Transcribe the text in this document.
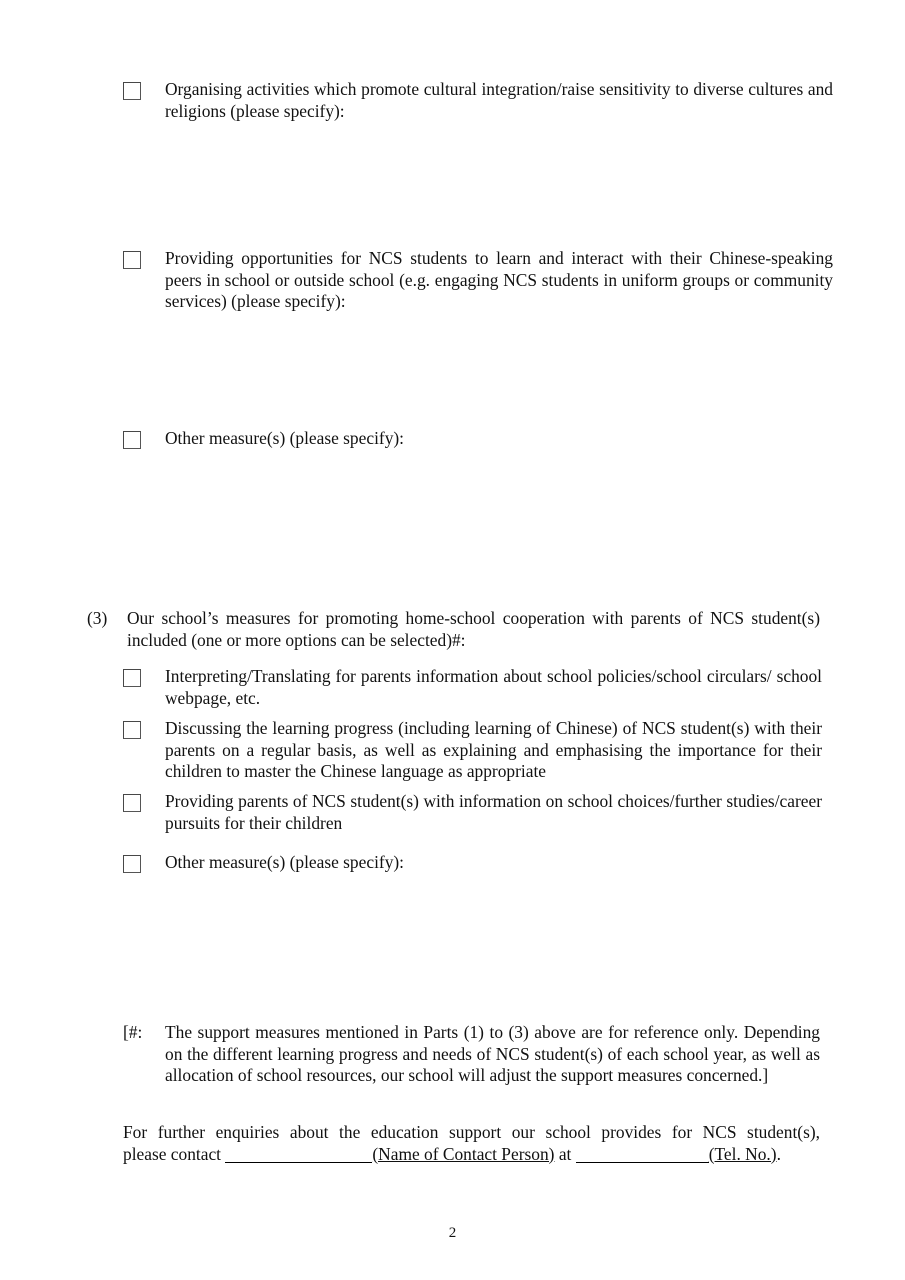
Organising activities which promote cultural integration/raise sensitivity to diverse cultures and religions (please specify):
Providing opportunities for NCS students to learn and interact with their Chinese-speaking peers in school or outside school (e.g. engaging NCS students in uniform groups or community services) (please specify):
Other measure(s) (please specify):
(3)	Our school’s measures for promoting home-school cooperation with parents of NCS student(s) included (one or more options can be selected)#:
Interpreting/Translating for parents information about school policies/school circulars/ school webpage, etc.
Discussing the learning progress (including learning of Chinese) of NCS student(s) with their parents on a regular basis, as well as explaining and emphasising the importance for their children to master the Chinese language as appropriate
Providing parents of NCS student(s) with information on school choices/further studies/career pursuits for their children
Other measure(s) (please specify):
[#:	The support measures mentioned in Parts (1) to (3) above are for reference only. Depending on the different learning progress and needs of NCS student(s) of each school year, as well as allocation of school resources, our school will adjust the support measures concerned.]
For further enquiries about the education support our school provides for NCS student(s),
please contact	(Name of Contact Person) at	(Tel. No.).
2
